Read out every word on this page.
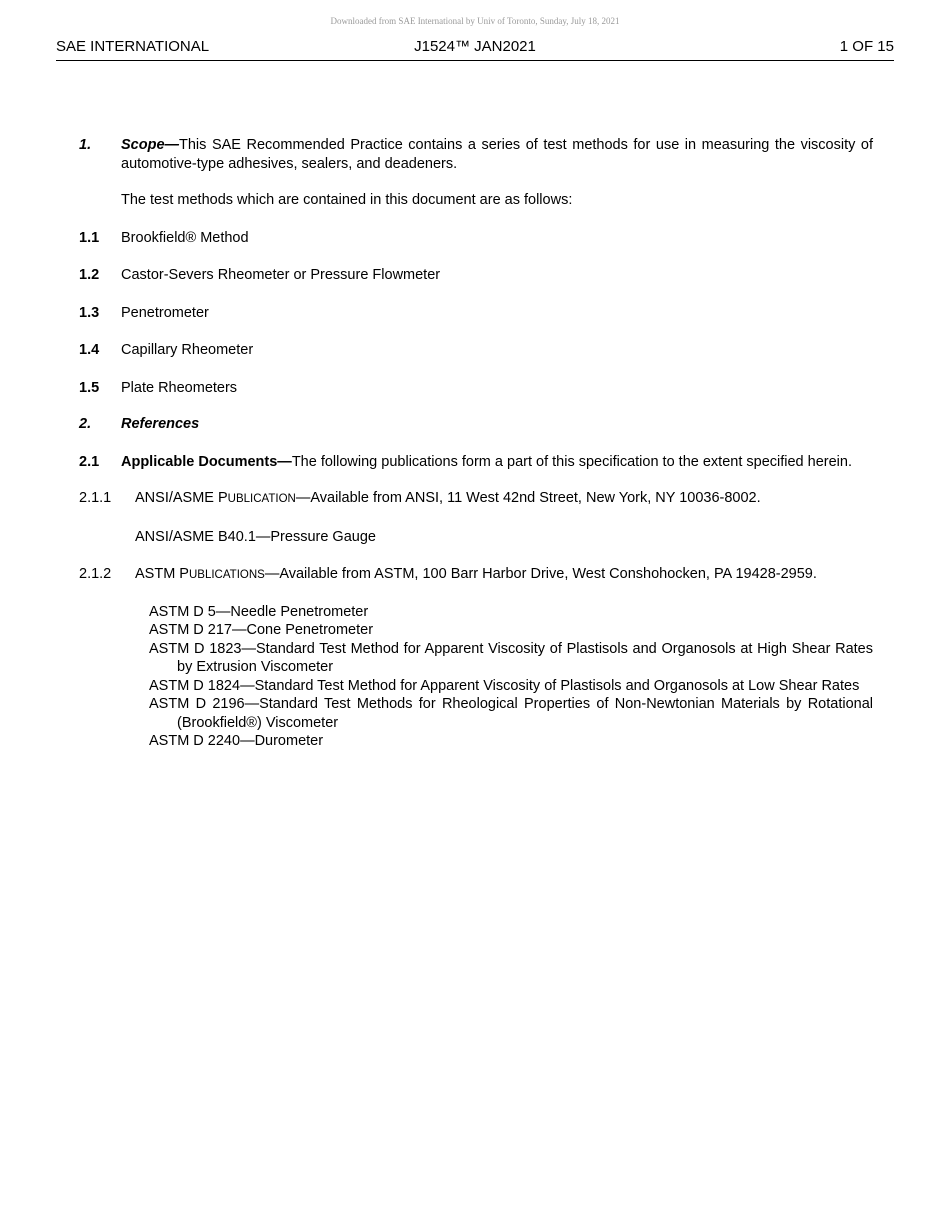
Downloaded from SAE International by Univ of Toronto, Sunday, July 18, 2021
SAE INTERNATIONAL	J1524™ JAN2021	1 OF 15
1. Scope—This SAE Recommended Practice contains a series of test methods for use in measuring the viscosity of automotive-type adhesives, sealers, and deadeners.
The test methods which are contained in this document are as follows:
1.1 Brookfield® Method
1.2 Castor-Severs Rheometer or Pressure Flowmeter
1.3 Penetrometer
1.4 Capillary Rheometer
1.5 Plate Rheometers
2. References
2.1 Applicable Documents—The following publications form a part of this specification to the extent specified herein.
2.1.1 ANSI/ASME PUBLICATION—Available from ANSI, 11 West 42nd Street, New York, NY 10036-8002.
ANSI/ASME B40.1—Pressure Gauge
2.1.2 ASTM PUBLICATIONS—Available from ASTM, 100 Barr Harbor Drive, West Conshohocken, PA 19428-2959.
ASTM D 5—Needle Penetrometer
ASTM D 217—Cone Penetrometer
ASTM D 1823—Standard Test Method for Apparent Viscosity of Plastisols and Organosols at High Shear Rates by Extrusion Viscometer
ASTM D 1824—Standard Test Method for Apparent Viscosity of Plastisols and Organosols at Low Shear Rates
ASTM D 2196—Standard Test Methods for Rheological Properties of Non-Newtonian Materials by Rotational (Brookfield®) Viscometer
ASTM D 2240—Durometer
